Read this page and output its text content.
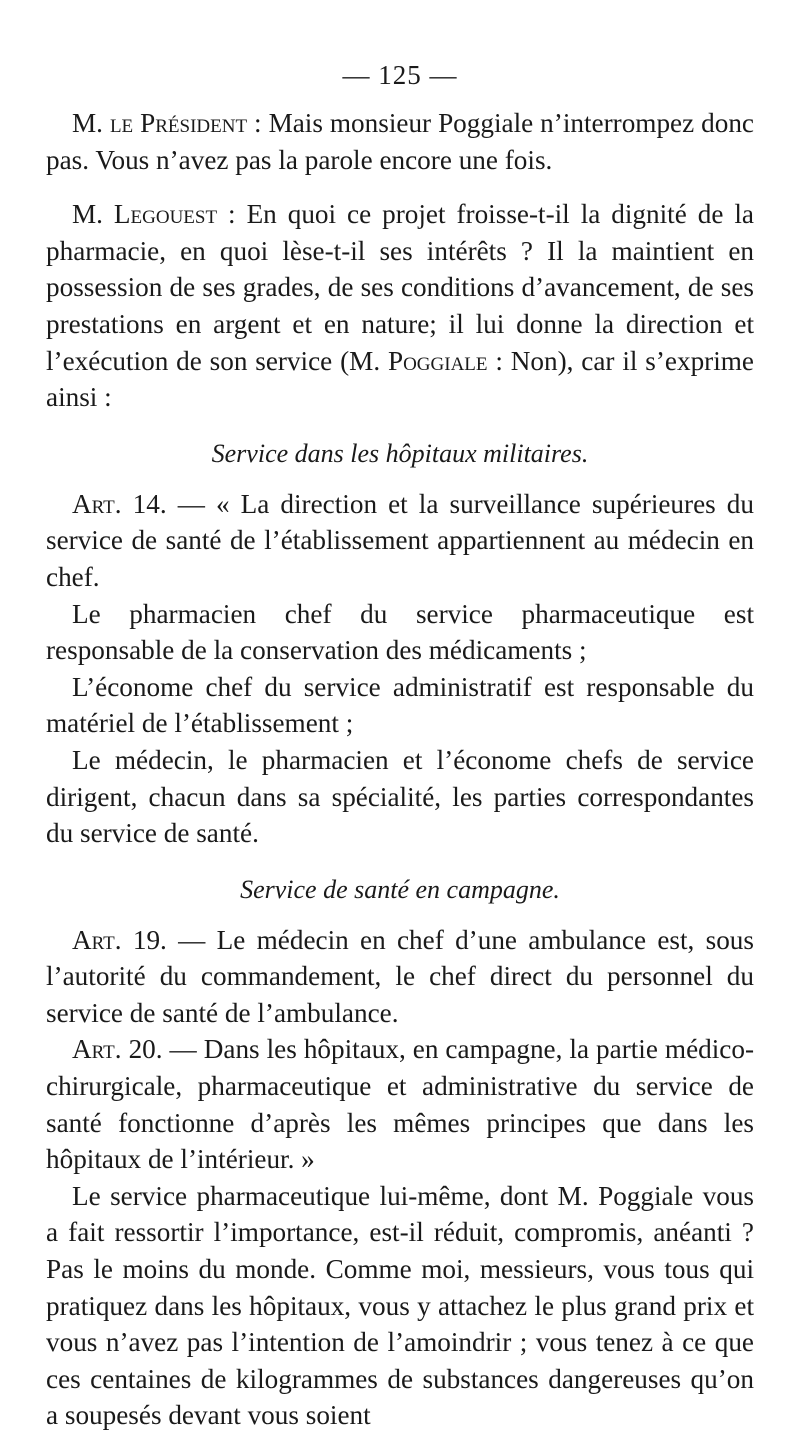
— 125 —

M. le Président : Mais monsieur Poggiale n’interrompez donc pas. Vous n’avez pas la parole encore une fois.

M. Legouest : En quoi ce projet froisse-t-il la dignité de la pharmacie, en quoi lèse-t-il ses intérêts ? Il la maintient en possession de ses grades, de ses conditions d’avancement, de ses prestations en argent et en nature; il lui donne la direction et l’exécution de son service (M. Poggiale : Non), car il s’exprime ainsi :

Service dans les hôpitaux militaires.

Art. 14. — « La direction et la surveillance supérieures du service de santé de l’établissement appartiennent au médecin en chef.

Le pharmacien chef du service pharmaceutique est responsable de la conservation des médicaments ;

L’économe chef du service administratif est responsable du matériel de l’établissement ;

Le médecin, le pharmacien et l’économe chefs de service dirigent, chacun dans sa spécialité, les parties correspondantes du service de santé.

Service de santé en campagne.

Art. 19. — Le médecin en chef d’une ambulance est, sous l’autorité du commandement, le chef direct du personnel du service de santé de l’ambulance.

Art. 20. — Dans les hôpitaux, en campagne, la partie médico-chirurgicale, pharmaceutique et administrative du service de santé fonctionne d’après les mêmes principes que dans les hôpitaux de l’intérieur. »

Le service pharmaceutique lui-même, dont M. Poggiale vous a fait ressortir l’importance, est-il réduit, compromis, anéanti ? Pas le moins du monde. Comme moi, messieurs, vous tous qui pratiquez dans les hôpitaux, vous y attachez le plus grand prix et vous n’avez pas l’intention de l’amoindrir ; vous tenez à ce que ces centaines de kilogrammes de substances dangereuses qu’on a soupesés devant vous soient
